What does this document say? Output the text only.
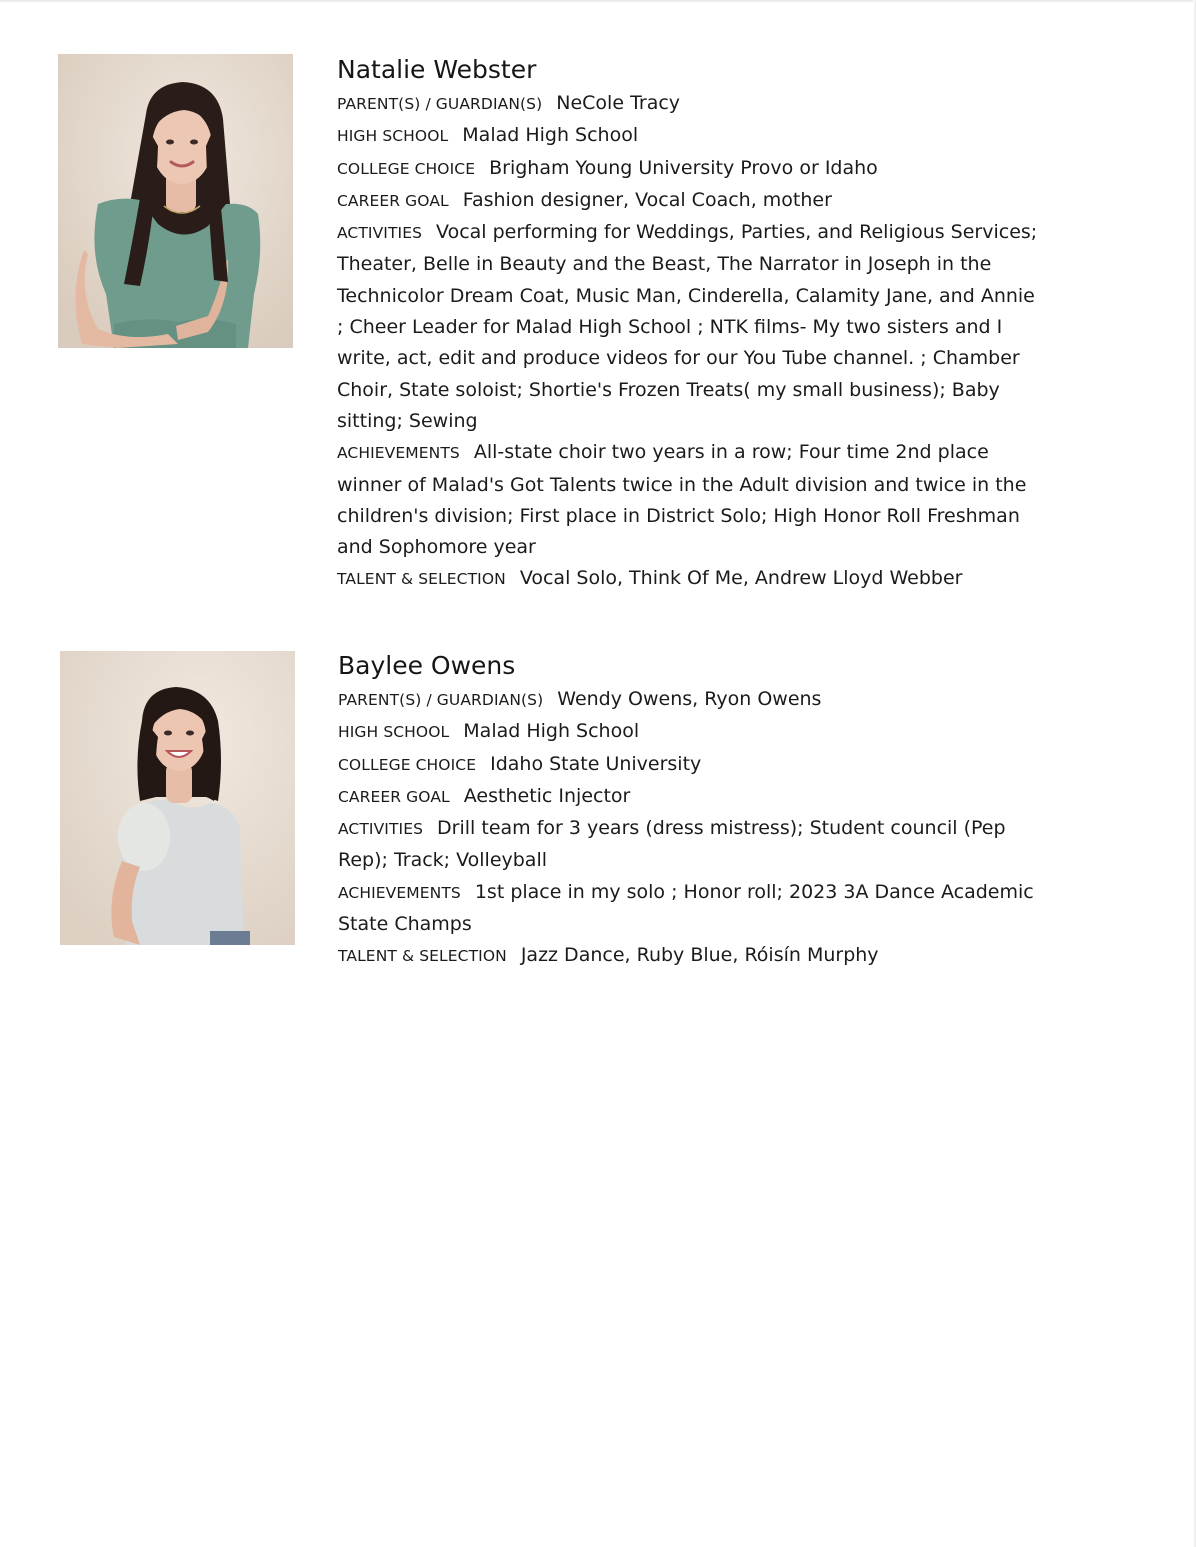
Natalie Webster

PARENT(S) / GUARDIAN(S) NeCole Tracy

HIGH SCHOOL Malad High School

COLLEGE CHOICE Brigham Young University Provo or Idaho

CAREER GOAL Fashion designer, Vocal Coach, mother

ACTIVITIES Vocal performing for Weddings, Parties, and Religious Services; Theater, Belle in Beauty and the Beast, The Narrator in Joseph in the Technicolor Dream Coat, Music Man, Cinderella, Calamity Jane, and Annie ; Cheer Leader for Malad High School ; NTK films- My two sisters and I write, act, edit and produce videos for our You Tube channel. ; Chamber Choir, State soloist; Shortie's Frozen Treats( my small business); Baby sitting; Sewing

ACHIEVEMENTS All-state choir two years in a row; Four time 2nd place winner of Malad's Got Talents twice in the Adult division and twice in the children's division; First place in District Solo; High Honor Roll Freshman and Sophomore year

TALENT & SELECTION Vocal Solo, Think Of Me, Andrew Lloyd Webber

Baylee Owens

PARENT(S) / GUARDIAN(S) Wendy Owens, Ryon Owens

HIGH SCHOOL Malad High School

COLLEGE CHOICE Idaho State University

CAREER GOAL Aesthetic Injector

ACTIVITIES Drill team for 3 years (dress mistress); Student council (Pep Rep); Track; Volleyball

ACHIEVEMENTS 1st place in my solo ; Honor roll; 2023 3A Dance Academic State Champs

TALENT & SELECTION Jazz Dance, Ruby Blue, Róisín Murphy
